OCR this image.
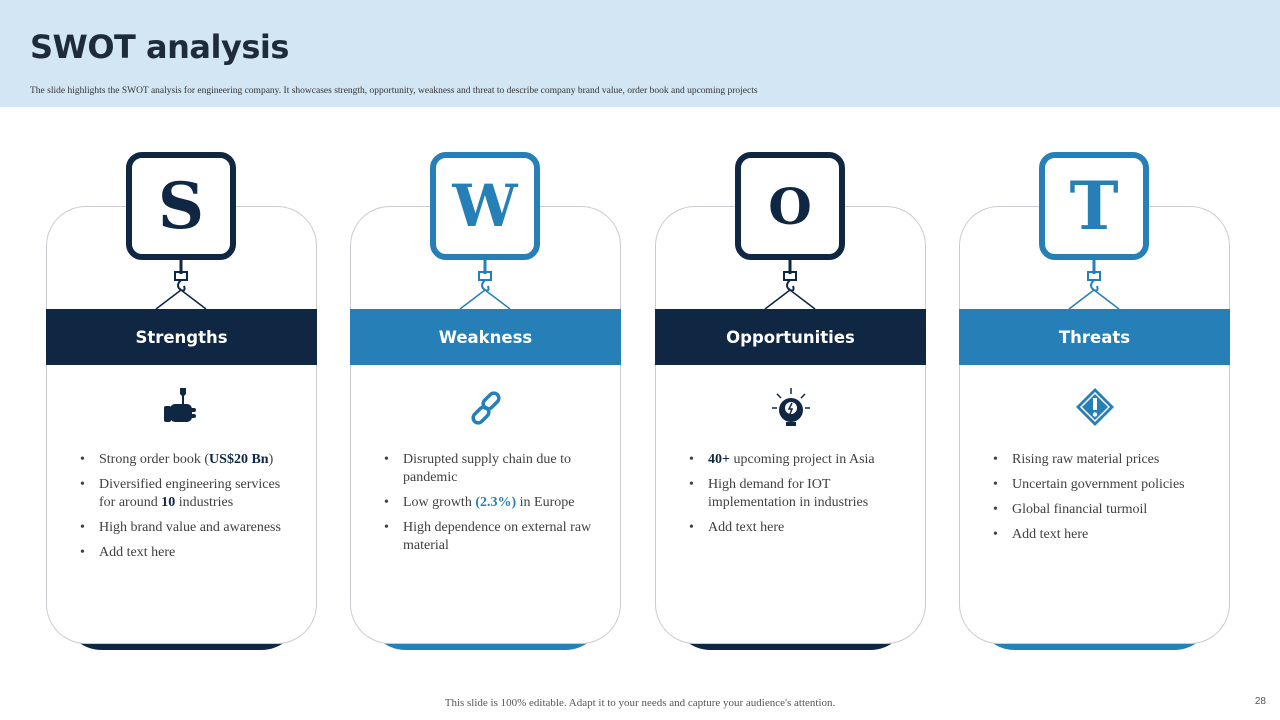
SWOT analysis
The slide highlights the SWOT analysis for engineering company. It showcases strength, opportunity, weakness and threat to describe company brand value, order book and upcoming projects
S
Strengths
• Strong order book (US$20 Bn)
• Diversified engineering services for around 10 industries
• High brand value and awareness
• Add text here
W
Weakness
• Disrupted supply chain due to pandemic
• Low growth (2.3%) in Europe
• High dependence on external raw material
O
Opportunities
• 40+ upcoming project in Asia
• High demand for IOT implementation in industries
• Add text here
T
Threats
• Rising raw material prices
• Uncertain government policies
• Global financial turmoil
• Add text here
This slide is 100% editable. Adapt it to your needs and capture your audience's attention.	28
